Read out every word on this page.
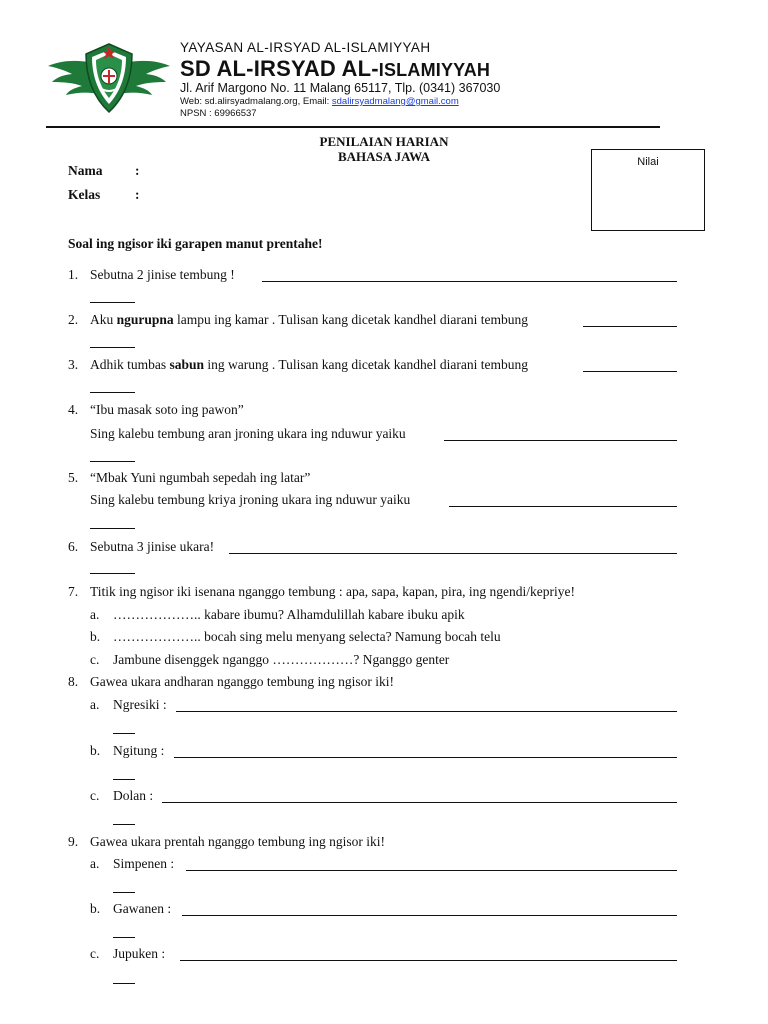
YAYASAN AL-IRSYAD AL-ISLAMIYYAH
SD AL-IRSYAD AL-ISLAMIYYAH
Jl. Arif Margono No. 11 Malang 65117, Tlp. (0341) 367030
Web: sd.alirsyadmalang.org, Email: sdalirsyadmalang@gmail.com
NPSN : 69966537
PENILAIAN HARIAN
BAHASA JAWA	Nilai
Nama :
Kelas	:
Soal ing ngisor iki garapen manut prentahe!
1. Sebutna 2 jinise tembung !
2. Aku ngurupna lampu ing kamar . Tulisan kang dicetak kandhel diarani tembung
3. Adhik tumbas sabun ing warung . Tulisan kang dicetak kandhel diarani tembung
4. “Ibu masak soto ing pawon”
Sing kalebu tembung aran jroning ukara ing nduwur yaiku
5. “Mbak Yuni ngumbah sepedah ing latar”
Sing kalebu tembung kriya jroning ukara ing nduwur yaiku
6. Sebutna 3 jinise ukara!
7. Titik ing ngisor iki isenana nganggo tembung : apa, sapa, kapan, pira, ing ngendi/kepriye!
a. ……………….. kabare ibumu? Alhamdulillah kabare ibuku apik
b. ……………….. bocah sing melu menyang selecta? Namung bocah telu
c. Jambune disenggek nganggo ………………? Nganggo genter
8. Gawea ukara andharan nganggo tembung ing ngisor iki!
a. Ngresiki :
b. Ngitung :
c. Dolan :
9. Gawea ukara prentah nganggo tembung ing ngisor iki!
a. Simpenen :
b. Gawanen :
c. Jupuken :
